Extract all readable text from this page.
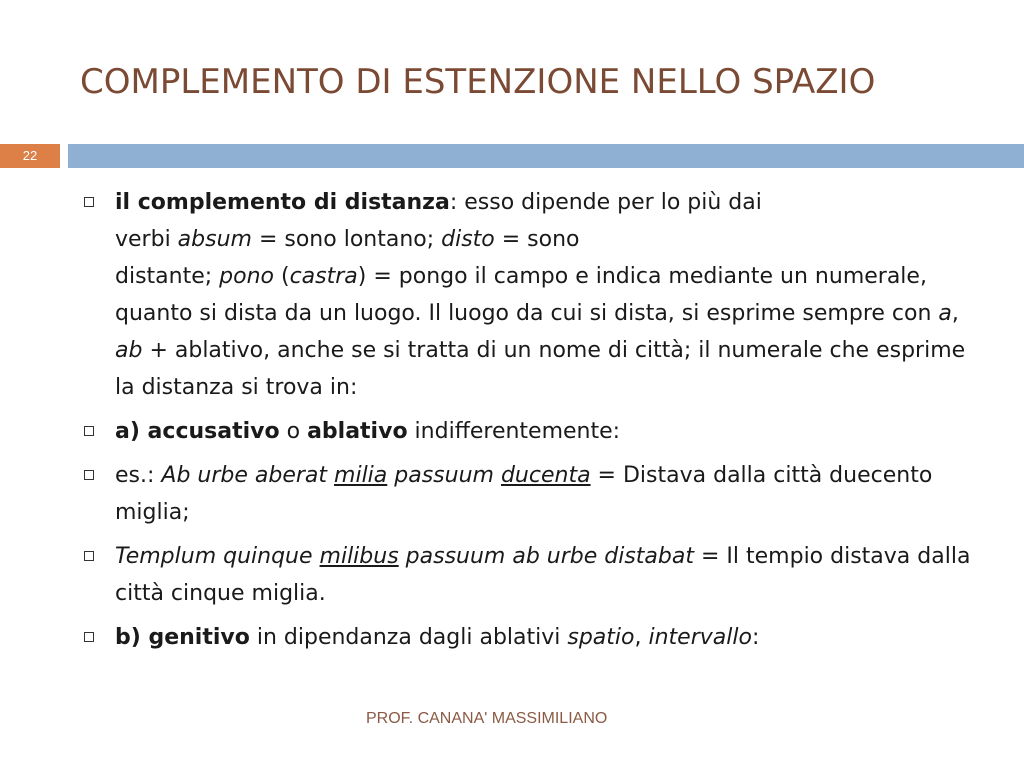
COMPLEMENTO DI ESTENZIONE NELLO SPAZIO
22
il complemento di distanza: esso dipende per lo più dai
verbi absum = sono lontano; disto = sono
distante; pono (castra) = pongo il campo e indica mediante un numerale, quanto si dista da un luogo. Il luogo da cui si dista, si esprime sempre con a, ab + ablativo, anche se si tratta di un nome di città; il numerale che esprime la distanza si trova in:
a) accusativo o ablativo indifferentemente:
es.: Ab urbe aberat milia passuum ducenta = Distava dalla città duecento miglia;
Templum quinque milibus passuum ab urbe distabat = Il tempio distava dalla città cinque miglia.
b) genitivo in dipendanza dagli ablativi spatio, intervallo:
PROF. CANANA' MASSIMILIANO
